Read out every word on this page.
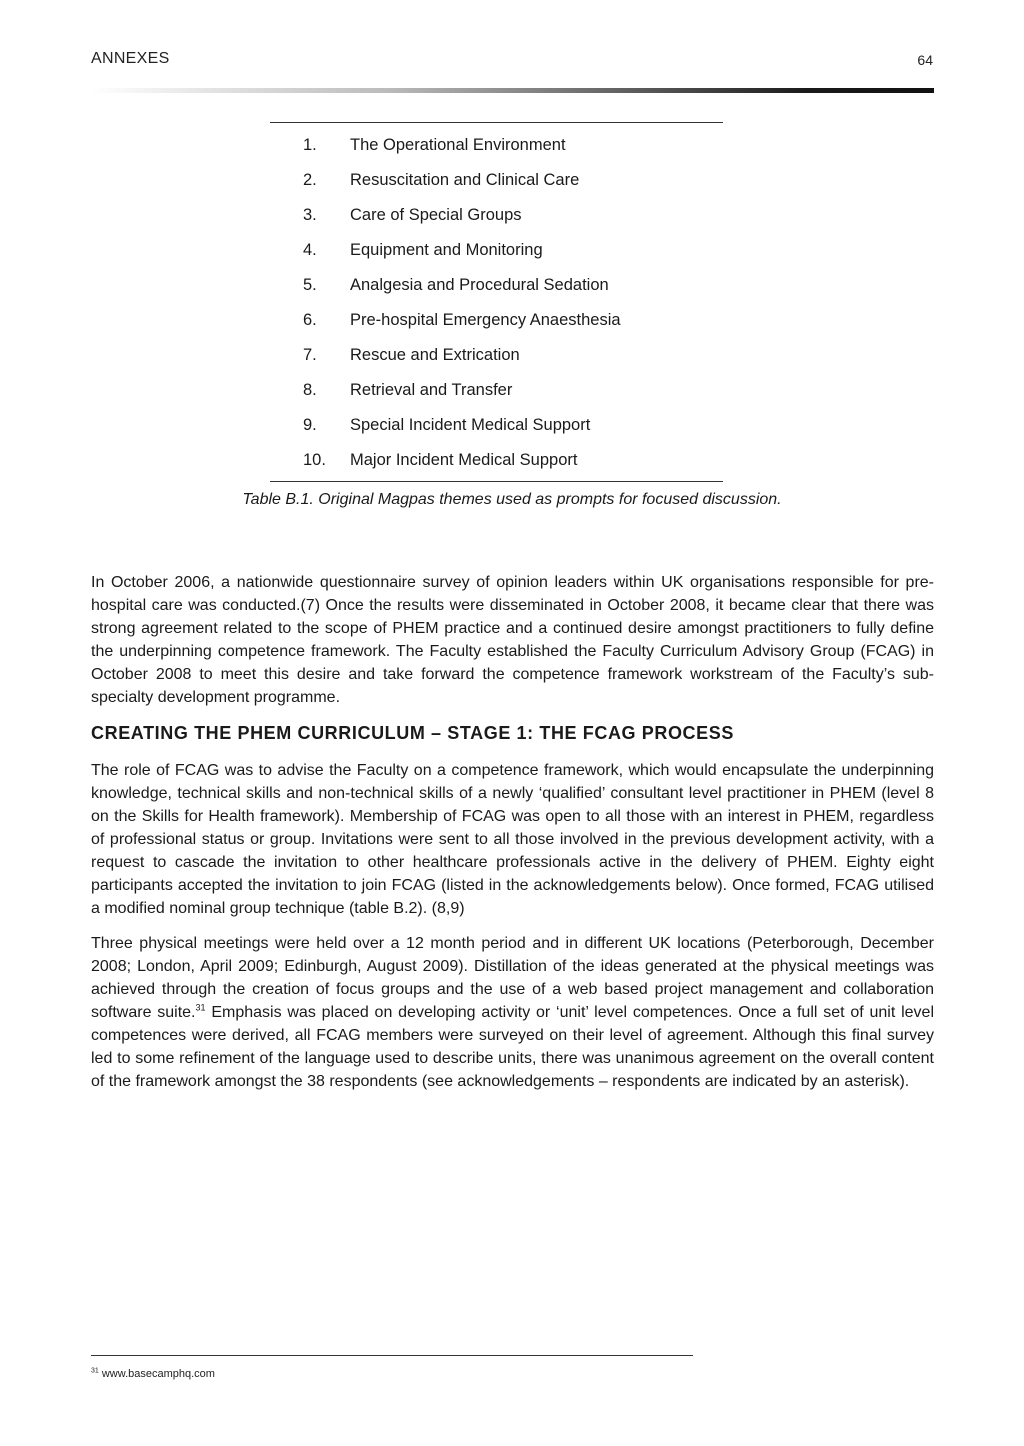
ANNEXES	64
1.	The Operational Environment
2.	Resuscitation and Clinical Care
3.	Care of Special Groups
4.	Equipment and Monitoring
5.	Analgesia and Procedural Sedation
6.	Pre-hospital Emergency Anaesthesia
7.	Rescue and Extrication
8.	Retrieval and Transfer
9.	Special Incident Medical Support
10.	Major Incident Medical Support
Table B.1. Original Magpas themes used as prompts for focused discussion.

In October 2006, a nationwide questionnaire survey of opinion leaders within UK organisations responsible for pre-hospital care was conducted.(7) Once the results were disseminated in October 2008, it became clear that there was strong agreement related to the scope of PHEM practice and a continued desire amongst practitioners to fully define the underpinning competence framework. The Faculty established the Faculty Curriculum Advisory Group (FCAG) in October 2008 to meet this desire and take forward the competence framework workstream of the Faculty’s sub-specialty development programme.

CREATING THE PHEM CURRICULUM – STAGE 1: THE FCAG PROCESS

The role of FCAG was to advise the Faculty on a competence framework, which would encapsulate the underpinning knowledge, technical skills and non-technical skills of a newly ‘qualified’ consultant level practitioner in PHEM (level 8 on the Skills for Health framework). Membership of FCAG was open to all those with an interest in PHEM, regardless of professional status or group. Invitations were sent to all those involved in the previous development activity, with a request to cascade the invitation to other healthcare professionals active in the delivery of PHEM. Eighty eight participants accepted the invitation to join FCAG (listed in the acknowledgements below). Once formed, FCAG utilised a modified nominal group technique (table B.2). (8,9)

Three physical meetings were held over a 12 month period and in different UK locations (Peterborough, December 2008; London, April 2009; Edinburgh, August 2009). Distillation of the ideas generated at the physical meetings was achieved through the creation of focus groups and the use of a web based project management and collaboration software suite.$^{31}$ Emphasis was placed on developing activity or ‘unit’ level competences. Once a full set of unit level competences were derived, all FCAG members were surveyed on their level of agreement. Although this final survey led to some refinement of the language used to describe units, there was unanimous agreement on the overall content of the framework amongst the 38 respondents (see acknowledgements – respondents are indicated by an asterisk).

$^{31}$ www.basecamphq.com
